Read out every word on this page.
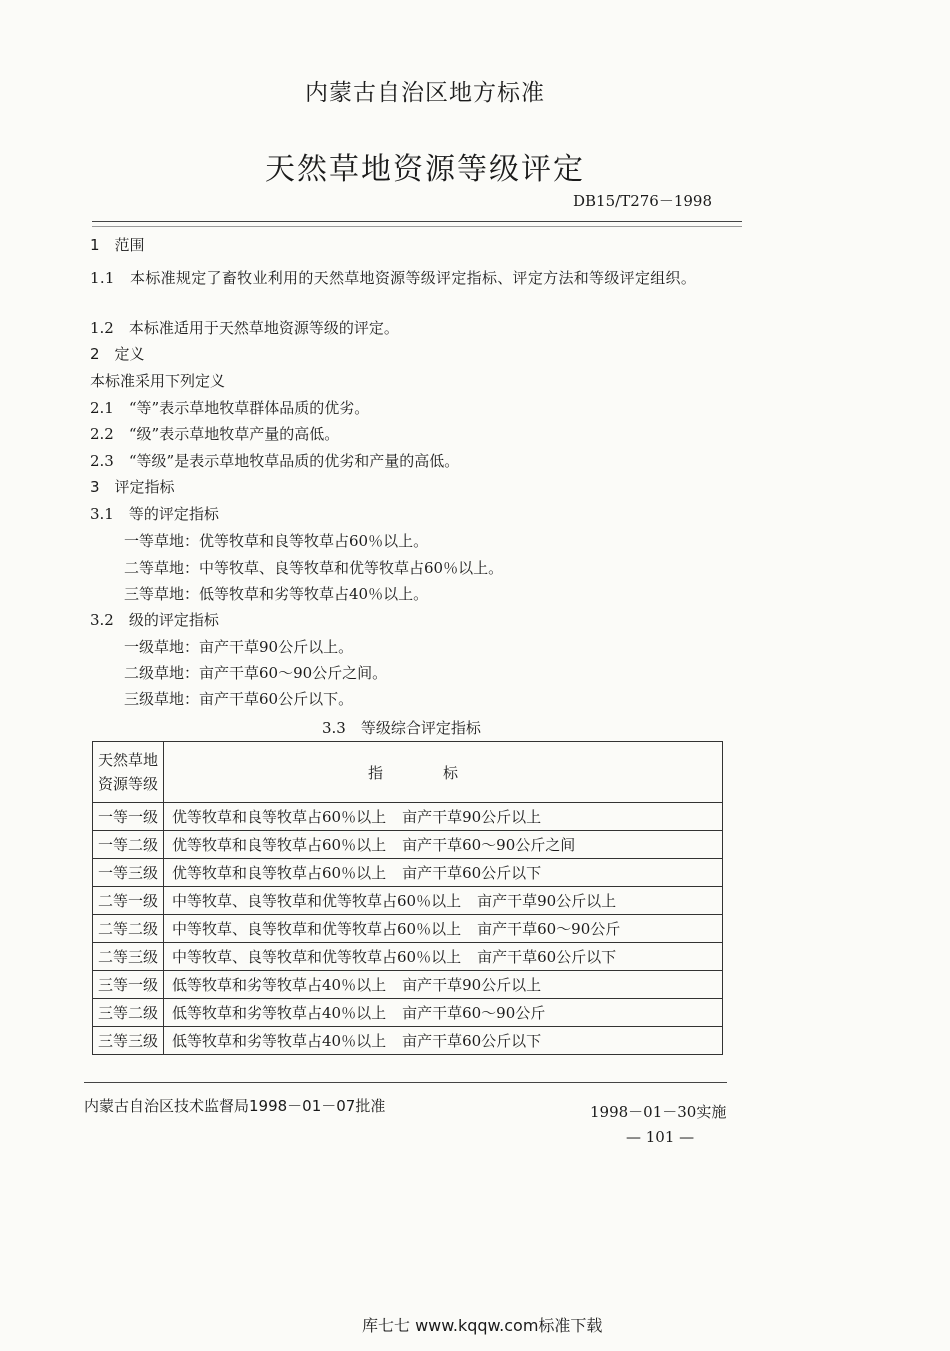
内蒙古自治区地方标准
天然草地资源等级评定
DB15/T276－1998
1　范围
1.1　本标准规定了畜牧业利用的天然草地资源等级评定指标、评定方法和等级评定组织。
1.2　本标准适用于天然草地资源等级的评定。
2　定义
本标准采用下列定义
2.1　“等”表示草地牧草群体品质的优劣。
2.2　“级”表示草地牧草产量的高低。
2.3　“等级”是表示草地牧草品质的优劣和产量的高低。
3　评定指标
3.1　等的评定指标
一等草地：优等牧草和良等牧草占60％以上。
二等草地：中等牧草、良等牧草和优等牧草占60％以上。
三等草地：低等牧草和劣等牧草占40％以上。
3.2　级的评定指标
一级草地：亩产干草90公斤以上。
二级草地：亩产干草60～90公斤之间。
三级草地：亩产干草60公斤以下。
3.3　等级综合评定指标
天然草地资源等级	指标
一等一级	优等牧草和良等牧草占60％以上 亩产干草90公斤以上
一等二级	优等牧草和良等牧草占60％以上 亩产干草60～90公斤之间
一等三级	优等牧草和良等牧草占60％以上 亩产干草60公斤以下
二等一级	中等牧草、良等牧草和优等牧草占60％以上 亩产干草90公斤以上
二等二级	中等牧草、良等牧草和优等牧草占60％以上 亩产干草60～90公斤
二等三级	中等牧草、良等牧草和优等牧草占60％以上 亩产干草60公斤以下
三等一级	低等牧草和劣等牧草占40％以上 亩产干草90公斤以上
三等二级	低等牧草和劣等牧草占40％以上 亩产干草60～90公斤
三等三级	低等牧草和劣等牧草占40％以上 亩产干草60公斤以下
内蒙古自治区技术监督局1998－01－07批准	1998－01－30实施
— 101 —
库七七 www.kqqw.com标准下载
